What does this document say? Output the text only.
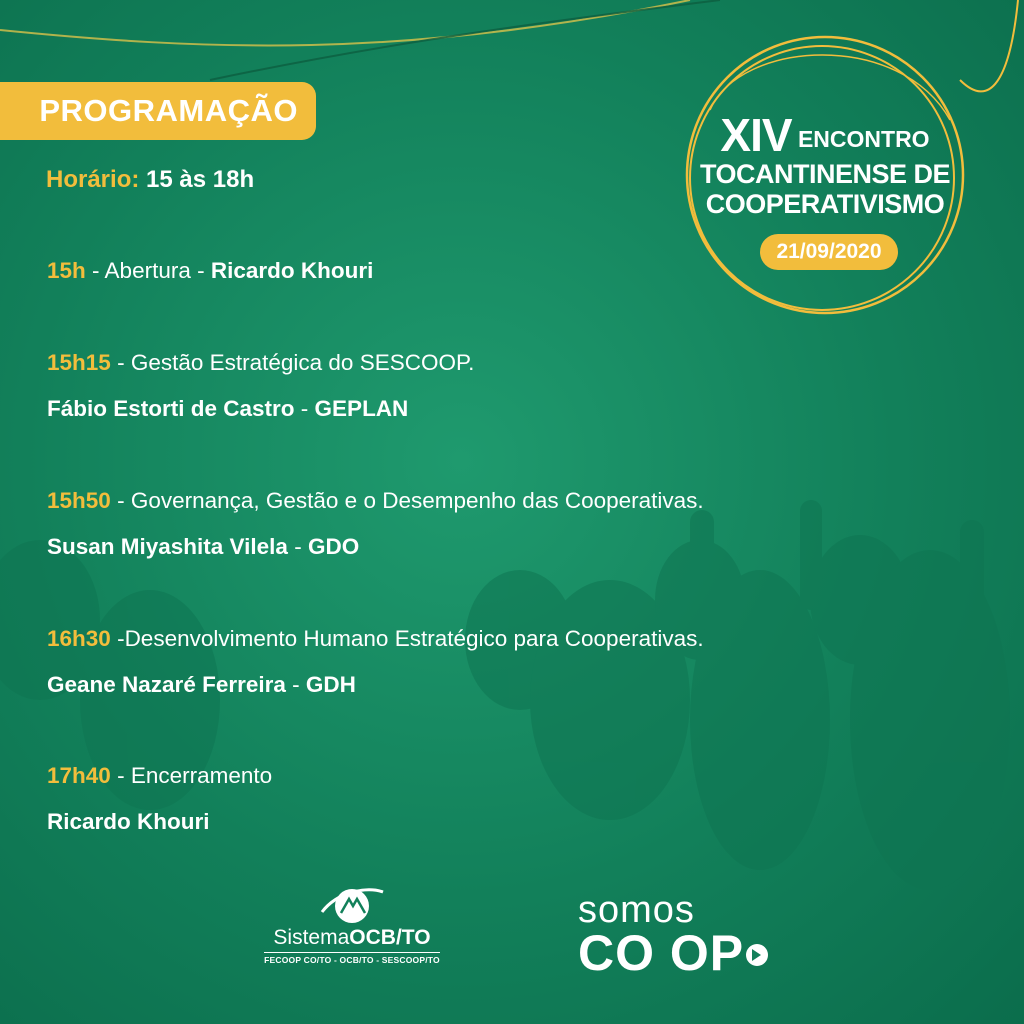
PROGRAMAÇÃO
Horário: 15 às 18h
15h - Abertura - Ricardo Khouri
15h15 - Gestão Estratégica do SESCOOP.
Fábio Estorti de Castro - GEPLAN
15h50 - Governança, Gestão e o Desempenho das Cooperativas.
Susan Miyashita Vilela - GDO
16h30 -Desenvolvimento Humano Estratégico para Cooperativas.
Geane Nazaré Ferreira - GDH
17h40 - Encerramento
Ricardo Khouri
XIV ENCONTRO
TOCANTINENSE DE
COOPERATIVISMO
21/09/2020
SistemaOCB/TO
FECOOP CO/TO - OCB/TO - SESCOOP/TO
somos
CO OP
